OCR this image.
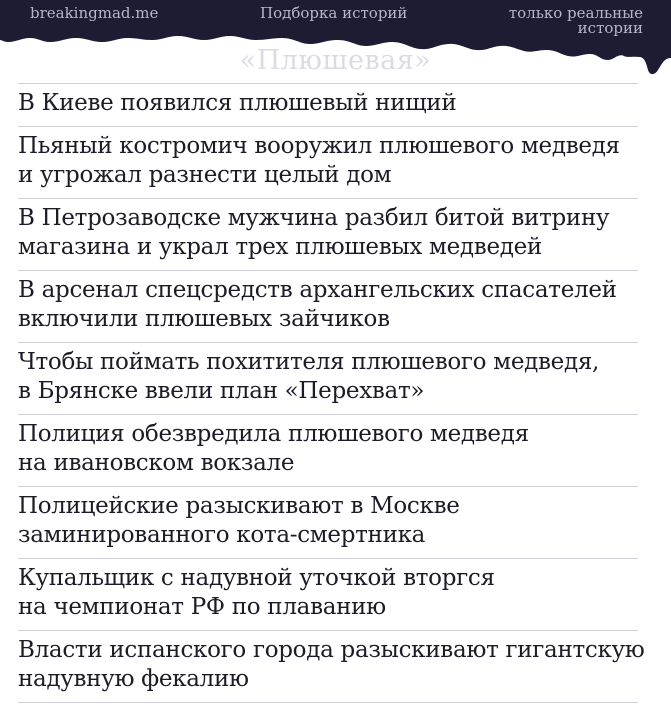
breakingmad.me	Подборка историй	только реальные
истории
«Плюшевая»
В Киеве появился плюшевый нищий
Пьяный костромич вооружил плюшевого медведя
и угрожал разнести целый дом
В Петрозаводске мужчина разбил битой витрину
магазина и украл трех плюшевых медведей
В арсенал спецсредств архангельских спасателей
включили плюшевых зайчиков
Чтобы поймать похитителя плюшевого медведя,
в Брянске ввели план «Перехват»
Полиция обезвредила плюшевого медведя
на ивановском вокзале
Полицейские разыскивают в Москве
заминированного кота-смертника
Купальщик с надувной уточкой вторгся
на чемпионат РФ по плаванию
Власти испанского города разыскивают гигантскую
надувную фекалию
